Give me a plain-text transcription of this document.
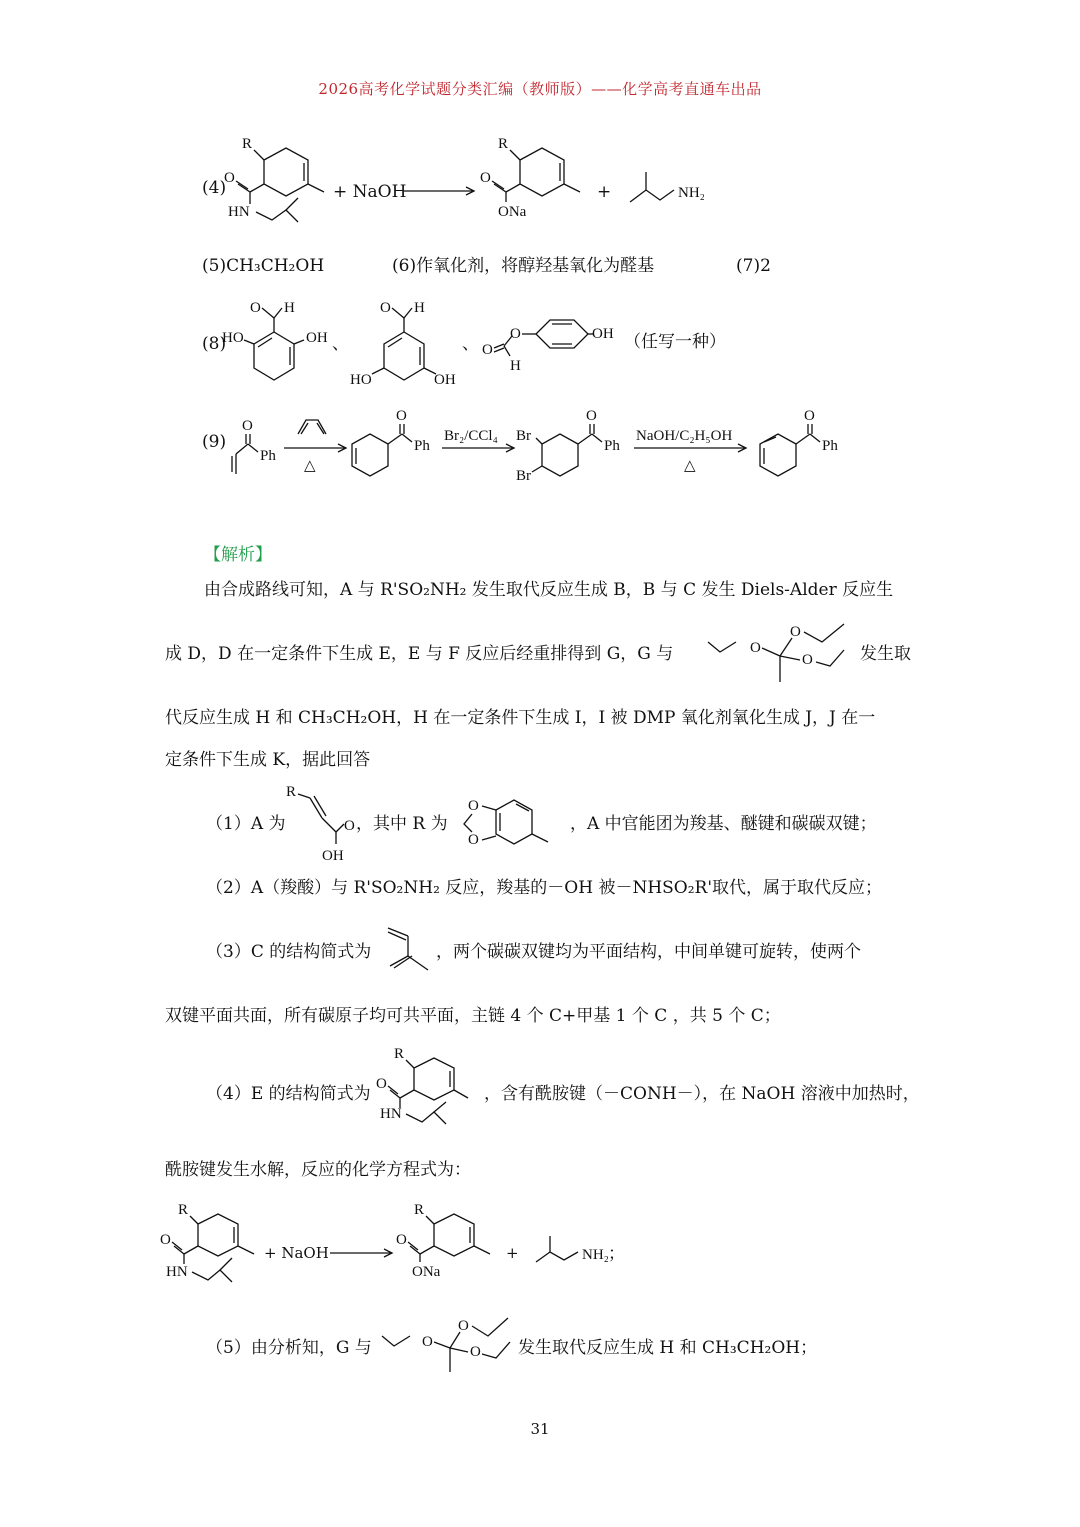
2026高考化学试题分类汇编（教师版）——化学高考直通车出品
(4)
R
O
HN
+ NaOH
R
O
ONa
+	NH₂
(5)CH₃CH₂OH	(6)作氧化剂，将醇羟基氧化为醛基	(7)2
(8)
O H
HO	OH 、
O H
HO	OH
、 O
H
O	OH （任写一种）
(9)
O
Ph
△
O
Ph
Br₂/CCl₄
O
Ph
Br
Br
NaOH/C₂H₅OH
△
O
Ph
【解析】
由合成路线可知，A 与 R'SO₂NH₂ 发生取代反应生成 B，B 与 C 发生 Diels-Alder 反应生
成 D，D 在一定条件下生成 E，E 与 F 反应后经重排得到 G，G 与	O
O
O	发生取
代反应生成 H 和 CH₃CH₂OH，H 在一定条件下生成 I，I 被 DMP 氧化剂氧化生成 J，J 在一
定条件下生成 K，据此回答
（1）A 为
R
O
OH
，其中 R 为
O
O
，A 中官能团为羧基、醚键和碳碳双键；
（2）A（羧酸）与 R'SO₂NH₂ 反应，羧基的－OH 被－NHSO₂R'取代，属于取代反应；
（3）C 的结构简式为	，两个碳碳双键均为平面结构，中间单键可旋转，使两个
双键平面共面，所有碳原子均可共平面，主链 4 个 C+甲基 1 个 C ，共 5 个 C；
（4）E 的结构简式为
R
O
HN
，含有酰胺键（－CONH－），在 NaOH 溶液中加热时，
酰胺键发生水解，反应的化学方程式为：
R
O
HN
+ NaOH
R
O
ONa
+	NH₂ ；
（5）由分析知，G 与	O
O
O 发生取代反应生成 H 和 CH₃CH₂OH；
31
